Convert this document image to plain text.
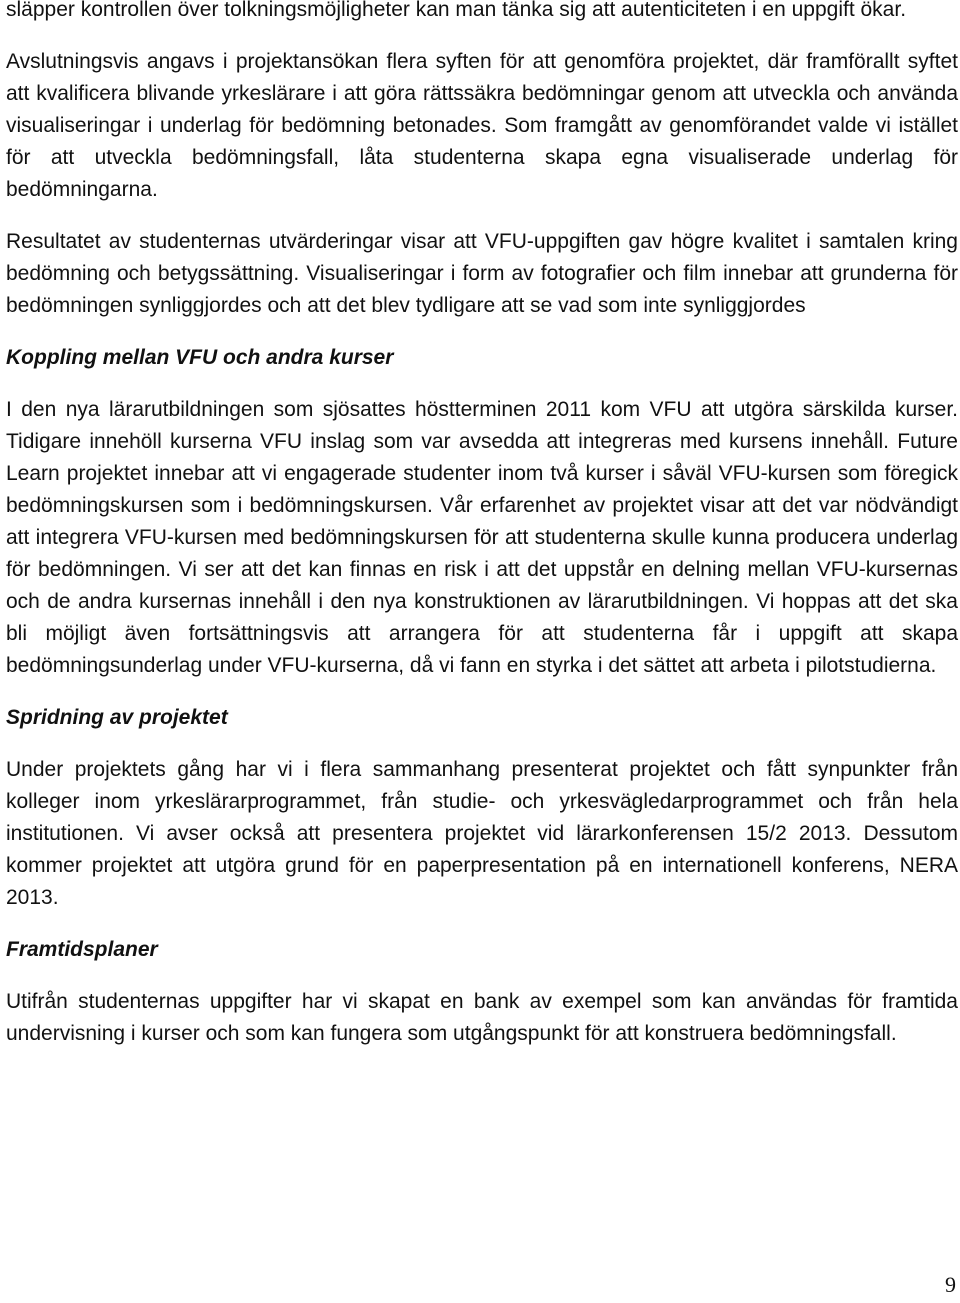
släpper kontrollen över tolkningsmöjligheter kan man tänka sig att autenticiteten i en uppgift ökar.

Avslutningsvis angavs i projektansökan flera syften för att genomföra projektet, där framförallt syftet att kvalificera blivande yrkeslärare i att göra rättssäkra bedömningar genom att utveckla och använda visualiseringar i underlag för bedömning betonades. Som framgått av genomförandet valde vi istället för att utveckla bedömningsfall, låta studenterna skapa egna visualiserade underlag för bedömningarna.

Resultatet av studenternas utvärderingar visar att VFU-uppgiften gav högre kvalitet i samtalen kring bedömning och betygssättning. Visualiseringar i form av fotografier och film innebar att grunderna för bedömningen synliggjordes och att det blev tydligare att se vad som inte synliggjordes

Koppling mellan VFU och andra kurser

I den nya lärarutbildningen som sjösattes höstterminen 2011 kom VFU att utgöra särskilda kurser. Tidigare innehöll kurserna VFU inslag som var avsedda att integreras med kursens innehåll. Future Learn projektet innebar att vi engagerade studenter inom två kurser i såväl VFU-kursen som föregick bedömningskursen som i bedömningskursen. Vår erfarenhet av projektet visar att det var nödvändigt att integrera VFU-kursen med bedömningskursen för att studenterna skulle kunna producera underlag för bedömningen. Vi ser att det kan finnas en risk i att det uppstår en delning mellan VFU-kursernas och de andra kursernas innehåll i den nya konstruktionen av lärarutbildningen. Vi hoppas att det ska bli möjligt även fortsättningsvis att arrangera för att studenterna får i uppgift att skapa bedömningsunderlag under VFU-kurserna, då vi fann en styrka i det sättet att arbeta i pilotstudierna.

Spridning av projektet

Under projektets gång har vi i flera sammanhang presenterat projektet och fått synpunkter från kolleger inom yrkeslärarprogrammet, från studie- och yrkesvägledarprogrammet och från hela institutionen. Vi avser också att presentera projektet vid lärarkonferensen 15/2 2013. Dessutom kommer projektet att utgöra grund för en paperpresentation på en internationell konferens, NERA 2013.

Framtidsplaner

Utifrån studenternas uppgifter har vi skapat en bank av exempel som kan användas för framtida undervisning i kurser och som kan fungera som utgångspunkt för att konstruera bedömningsfall.

9
